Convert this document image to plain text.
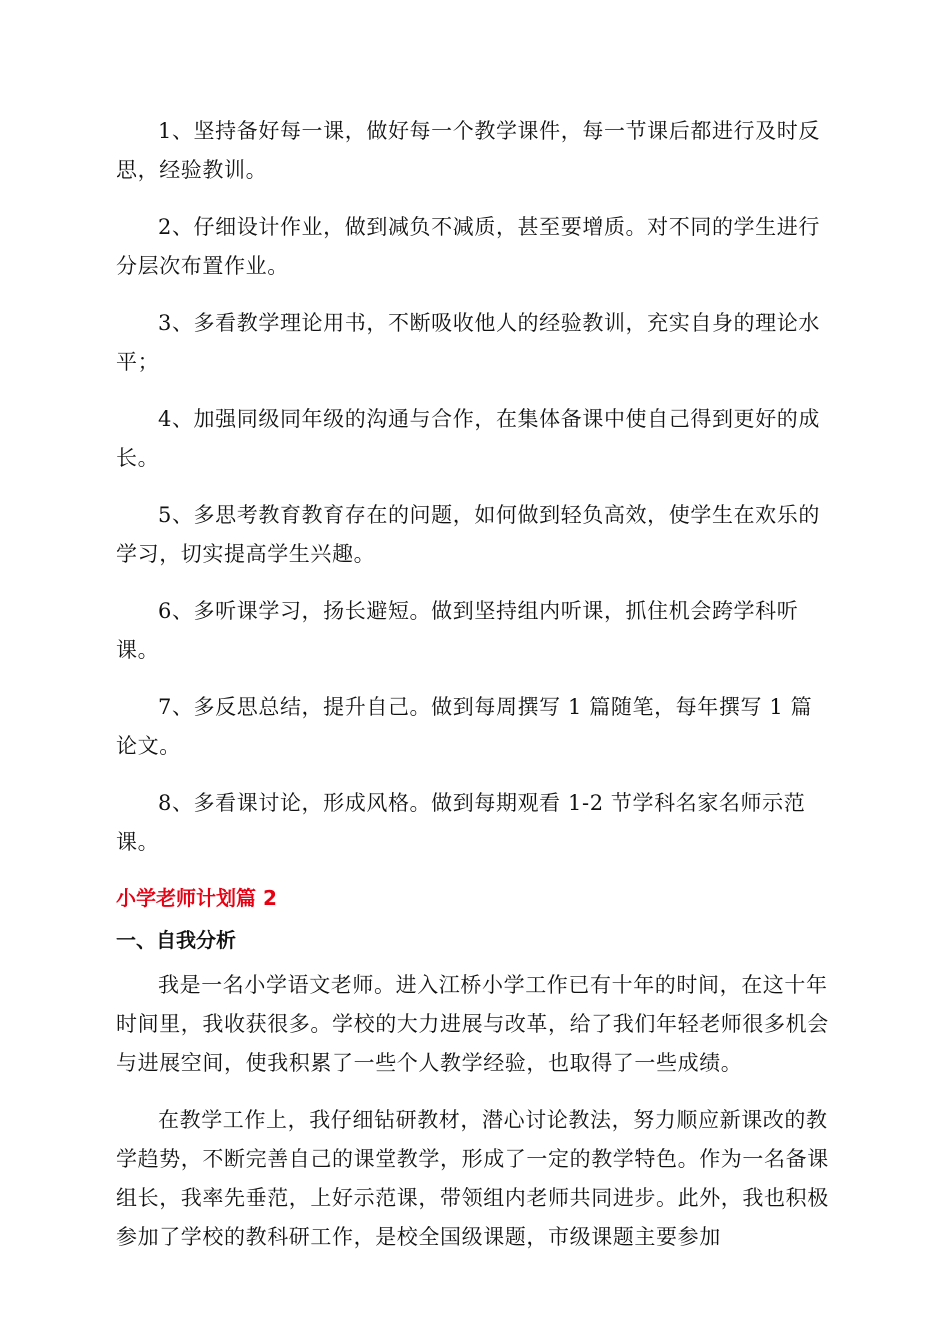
1、坚持备好每一课，做好每一个教学课件，每一节课后都进行及时反思，经验教训。

2、仔细设计作业，做到减负不减质，甚至要增质。对不同的学生进行分层次布置作业。

3、多看教学理论用书，不断吸收他人的经验教训，充实自身的理论水平；

4、加强同级同年级的沟通与合作，在集体备课中使自己得到更好的成长。

5、多思考教育教育存在的问题，如何做到轻负高效，使学生在欢乐的学习，切实提高学生兴趣。

6、多听课学习，扬长避短。做到坚持组内听课，抓住机会跨学科听课。

7、多反思总结，提升自己。做到每周撰写 1 篇随笔，每年撰写 1 篇论文。

8、多看课讨论，形成风格。做到每期观看 1-2 节学科名家名师示范课。

小学老师计划篇 2
一、自我分析

我是一名小学语文老师。进入江桥小学工作已有十年的时间，在这十年时间里，我收获很多。学校的大力进展与改革，给了我们年轻老师很多机会与进展空间，使我积累了一些个人教学经验，也取得了一些成绩。

在教学工作上，我仔细钻研教材，潜心讨论教法，努力顺应新课改的教学趋势，不断完善自己的课堂教学，形成了一定的教学特色。作为一名备课组长，我率先垂范，上好示范课，带领组内老师共同进步。此外，我也积极参加了学校的教科研工作，是校全国级课题，市级课题主要参加
